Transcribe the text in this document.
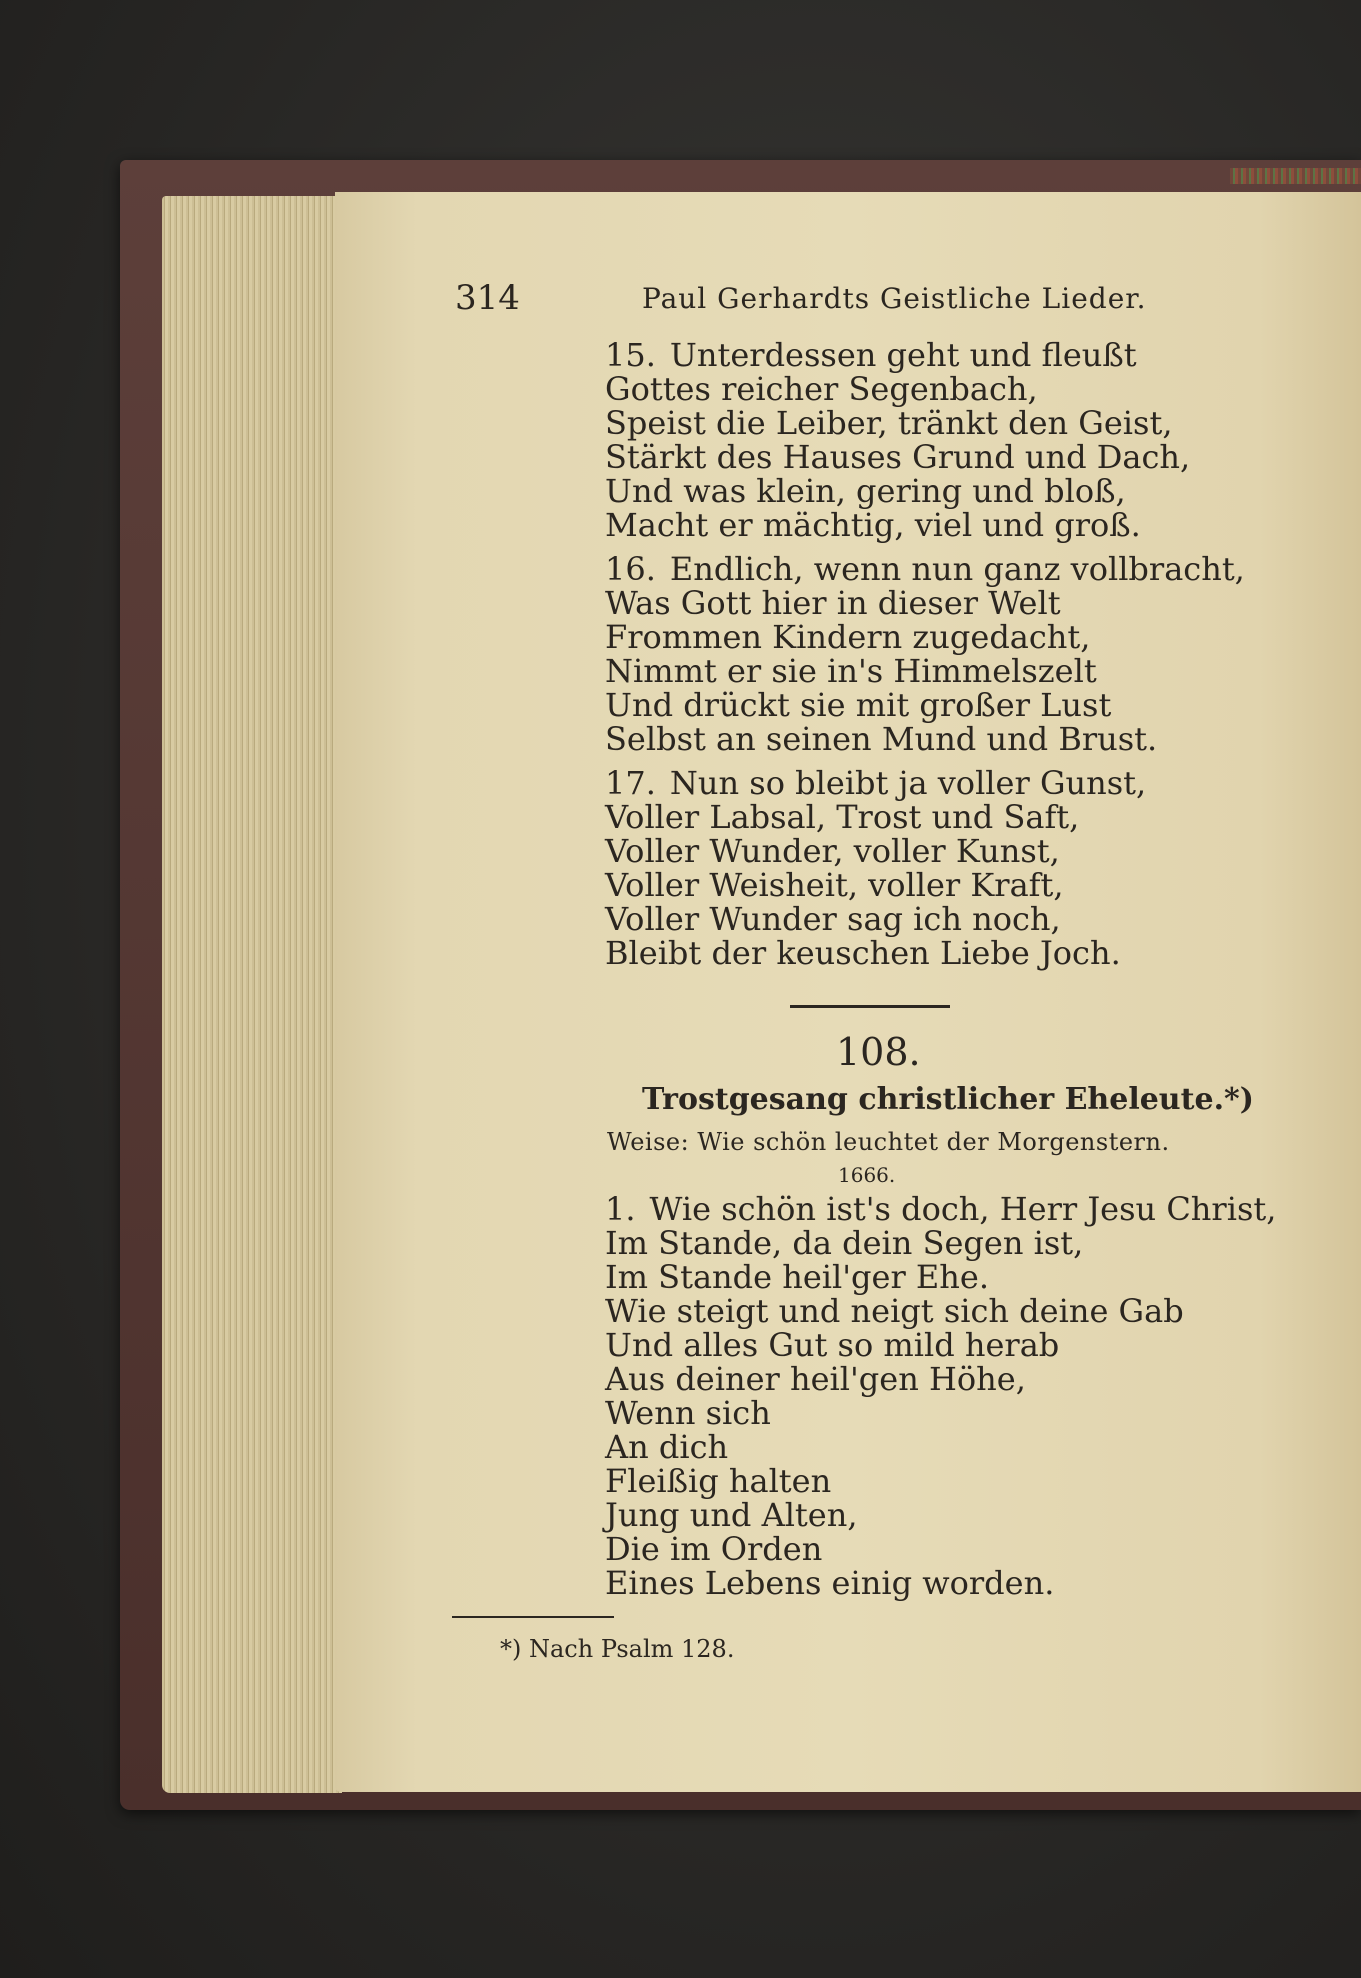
314	Paul Gerhardts Geistliche Lieder.
15. Unterdessen geht und fleußt
Gottes reicher Segenbach,
Speist die Leiber, tränkt den Geist,
Stärkt des Hauses Grund und Dach,
Und was klein, gering und bloß,
Macht er mächtig, viel und groß.
16. Endlich, wenn nun ganz vollbracht,
Was Gott hier in dieser Welt
Frommen Kindern zugedacht,
Nimmt er sie in's Himmelszelt
Und drückt sie mit großer Lust
Selbst an seinen Mund und Brust.
17. Nun so bleibt ja voller Gunst,
Voller Labsal, Trost und Saft,
Voller Wunder, voller Kunst,
Voller Weisheit, voller Kraft,
Voller Wunder sag ich noch,
Bleibt der keuschen Liebe Joch.
108.
Trostgesang christlicher Eheleute.*)
Weise: Wie schön leuchtet der Morgenstern.
1666.
1. Wie schön ist's doch, Herr Jesu Christ,
Im Stande, da dein Segen ist,
Im Stande heil'ger Ehe.
Wie steigt und neigt sich deine Gab
Und alles Gut so mild herab
Aus deiner heil'gen Höhe,
Wenn sich
An dich
Fleißig halten
Jung und Alten,
Die im Orden
Eines Lebens einig worden.
*) Nach Psalm 128.
